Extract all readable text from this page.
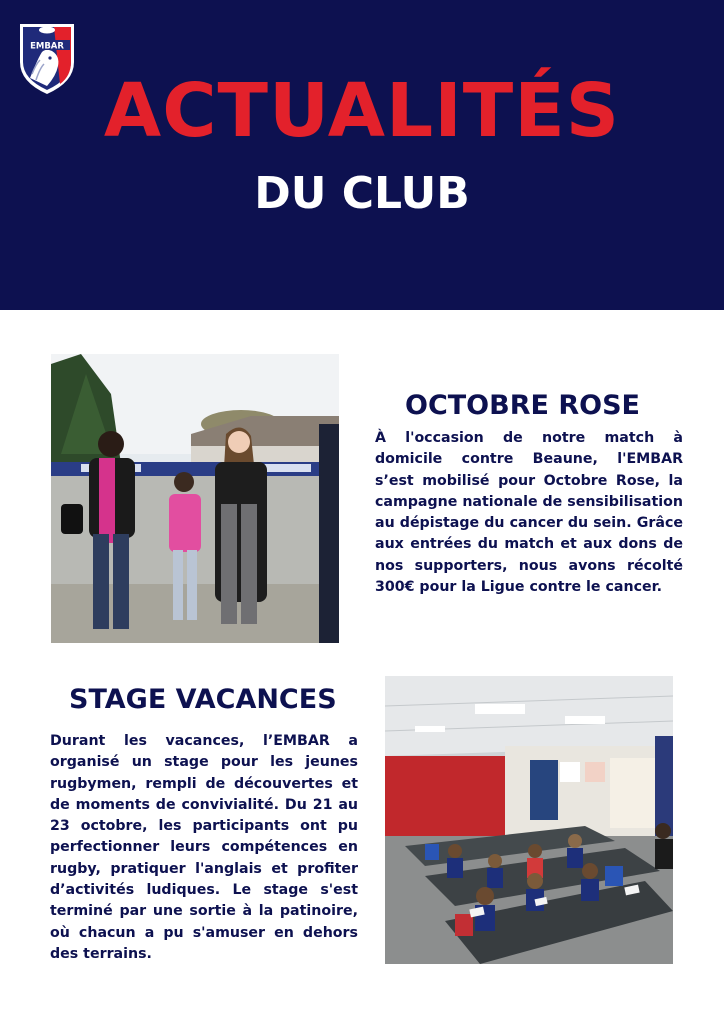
EMBAR
ACTUALITÉS
DU CLUB
OCTOBRE ROSE

À l'occasion de notre match à domicile contre Beaune, l'EMBAR s’est mobilisé pour Octobre Rose, la campagne nationale de sensibilisation au dépistage du cancer du sein. Grâce aux entrées du match et aux dons de nos supporters, nous avons récolté 300€ pour la Ligue contre le cancer.

STAGE VACANCES

Durant les vacances, l’EMBAR a organisé un stage pour les jeunes rugbymen, rempli de découvertes et de moments de convivialité. Du 21 au 23 octobre, les participants ont pu perfectionner leurs compétences en rugby, pratiquer l'anglais et profiter d’activités ludiques. Le stage s'est terminé par une sortie à la patinoire, où chacun a pu s'amuser en dehors des terrains.
